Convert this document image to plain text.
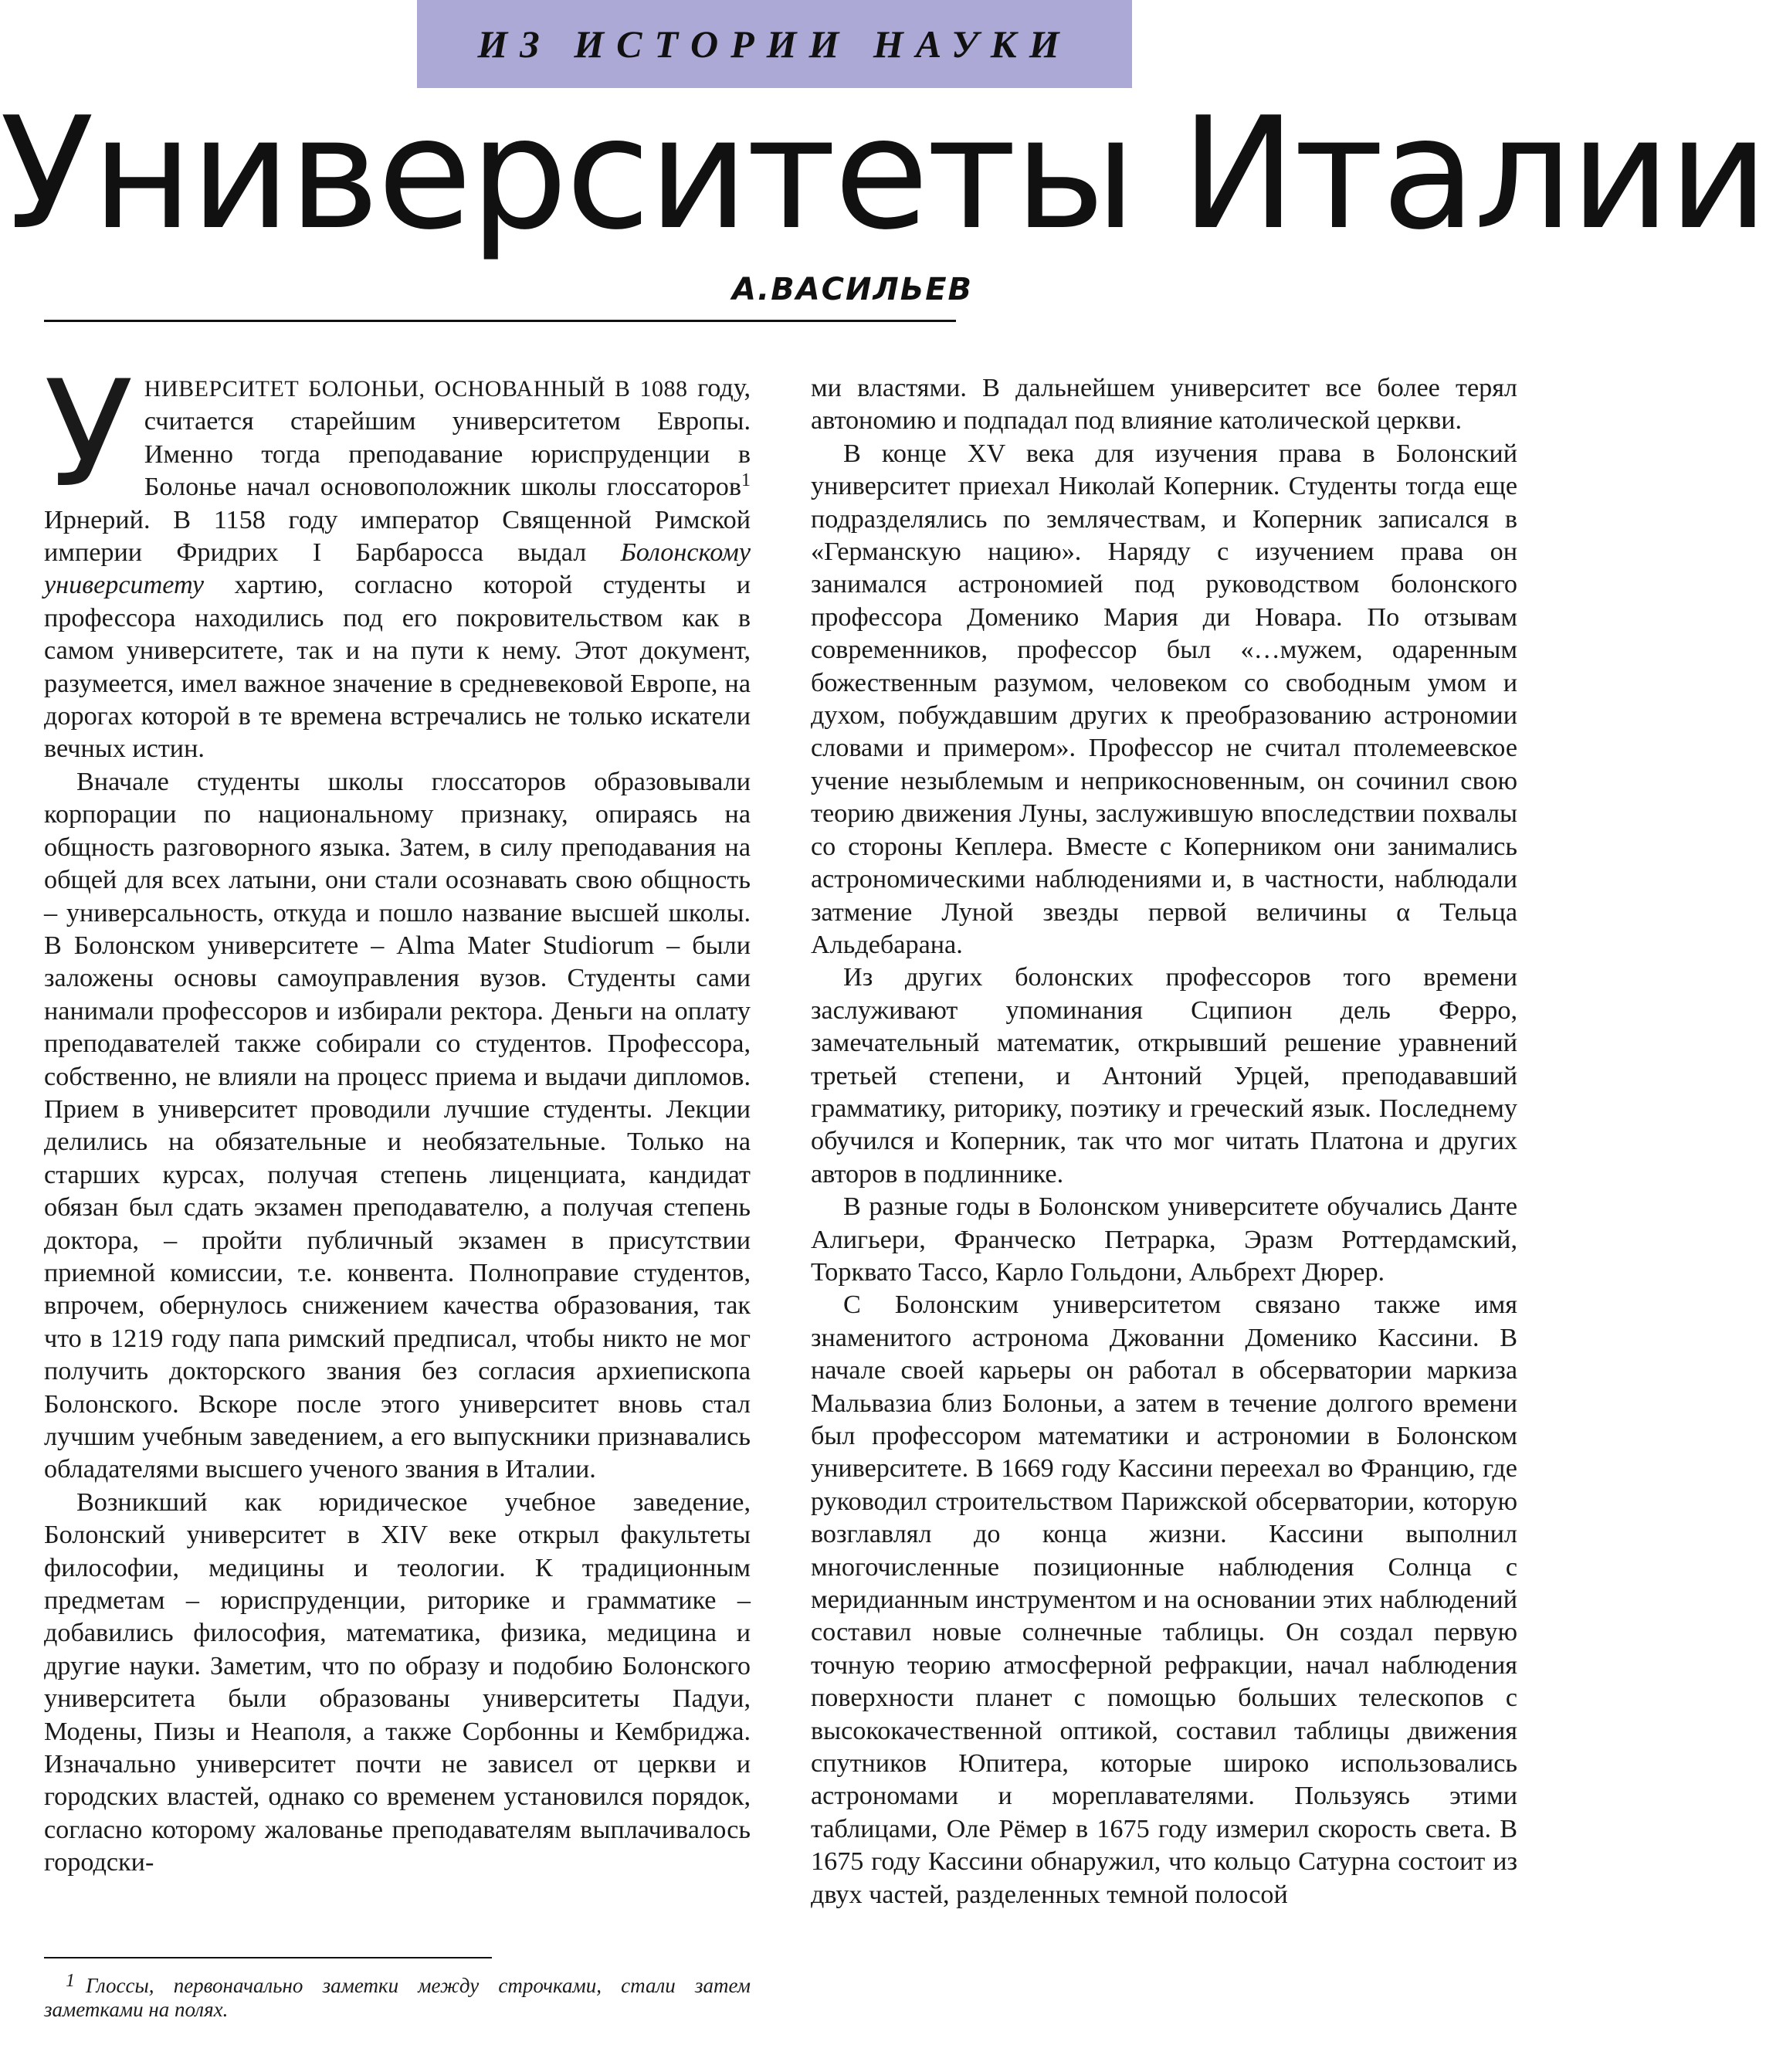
ИЗ ИСТОРИИ НАУКИ
Университеты Италии
А.ВАСИЛЬЕВ

УНИВЕРСИТЕТ БОЛОНЬИ, ОСНОВАННЫЙ В 1088 году, считается старейшим университетом Европы. Именно тогда преподавание юриспруденции в Болонье начал основоположник школы глоссаторов$^1$ Ирнерий. В 1158 году император Священной Римской империи Фридрих I Барбаросса выдал Болонскому университету хартию, согласно которой студенты и профессора находились под его покровительством как в самом университете, так и на пути к нему. Этот документ, разумеется, имел важное значение в средневековой Европе, на дорогах которой в те времена встречались не только искатели вечных истин.

Вначале студенты школы глоссаторов образовывали корпорации по национальному признаку, опираясь на общность разговорного языка. Затем, в силу преподавания на общей для всех латыни, они стали осознавать свою общность – универсальность, откуда и пошло название высшей школы. В Болонском университете – Alma Mater Studiorum – были заложены основы самоуправления вузов. Студенты сами нанимали профессоров и избирали ректора. Деньги на оплату преподавателей также собирали со студентов. Профессора, собственно, не влияли на процесс приема и выдачи дипломов. Прием в университет проводили лучшие студенты. Лекции делились на обязательные и необязательные. Только на старших курсах, получая степень лиценциата, кандидат обязан был сдать экзамен преподавателю, а получая степень доктора, – пройти публичный экзамен в присутствии приемной комиссии, т.е. конвента. Полноправие студентов, впрочем, обернулось снижением качества образования, так что в 1219 году папа римский предписал, чтобы никто не мог получить докторского звания без согласия архиепископа Болонского. Вскоре после этого университет вновь стал лучшим учебным заведением, а его выпускники признавались обладателями высшего ученого звания в Италии.

Возникший как юридическое учебное заведение, Болонский университет в XIV веке открыл факультеты философии, медицины и теологии. К традиционным предметам – юриспруденции, риторике и грамматике – добавились философия, математика, физика, медицина и другие науки. Заметим, что по образу и подобию Болонского университета были образованы университеты Падуи, Модены, Пизы и Неаполя, а также Сорбонны и Кембриджа. Изначально университет почти не зависел от церкви и городских властей, однако со временем установился порядок, согласно которому жалованье преподавателям выплачивалось городски-

ми властями. В дальнейшем университет все более терял автономию и подпадал под влияние католической церкви.

В конце XV века для изучения права в Болонский университет приехал Николай Коперник. Студенты тогда еще подразделялись по землячествам, и Коперник записался в «Германскую нацию». Наряду с изучением права он занимался астрономией под руководством болонского профессора Доменико Мария ди Новара. По отзывам современников, профессор был «…мужем, одаренным божественным разумом, человеком со свободным умом и духом, побуждавшим других к преобразованию астрономии словами и примером». Профессор не считал птолемеевское учение незыблемым и неприкосновенным, он сочинил свою теорию движения Луны, заслужившую впоследствии похвалы со стороны Кеплера. Вместе с Коперником они занимались астрономическими наблюдениями и, в частности, наблюдали затмение Луной звезды первой величины α Тельца Альдебарана.

Из других болонских профессоров того времени заслуживают упоминания Сципион дель Ферро, замечательный математик, открывший решение уравнений третьей степени, и Антоний Урцей, преподававший грамматику, риторику, поэтику и греческий язык. Последнему обучился и Коперник, так что мог читать Платона и других авторов в подлиннике.

В разные годы в Болонском университете обучались Данте Алигьери, Франческо Петрарка, Эразм Роттердамский, Торквато Тассо, Карло Гольдони, Альбрехт Дюрер.

С Болонским университетом связано также имя знаменитого астронома Джованни Доменико Кассини. В начале своей карьеры он работал в обсерватории маркиза Мальвазиа близ Болоньи, а затем в течение долгого времени был профессором математики и астрономии в Болонском университете. В 1669 году Кассини переехал во Францию, где руководил строительством Парижской обсерватории, которую возглавлял до конца жизни. Кассини выполнил многочисленные позиционные наблюдения Солнца с меридианным инструментом и на основании этих наблюдений составил новые солнечные таблицы. Он создал первую точную теорию атмосферной рефракции, начал наблюдения поверхности планет с помощью больших телескопов с высококачественной оптикой, составил таблицы движения спутников Юпитера, которые широко использовались астрономами и мореплавателями. Пользуясь этими таблицами, Оле Рёмер в 1675 году измерил скорость света. В 1675 году Кассини обнаружил, что кольцо Сатурна состоит из двух частей, разделенных темной полосой

1 Глоссы, первоначально заметки между строчками, стали затем заметками на полях.
